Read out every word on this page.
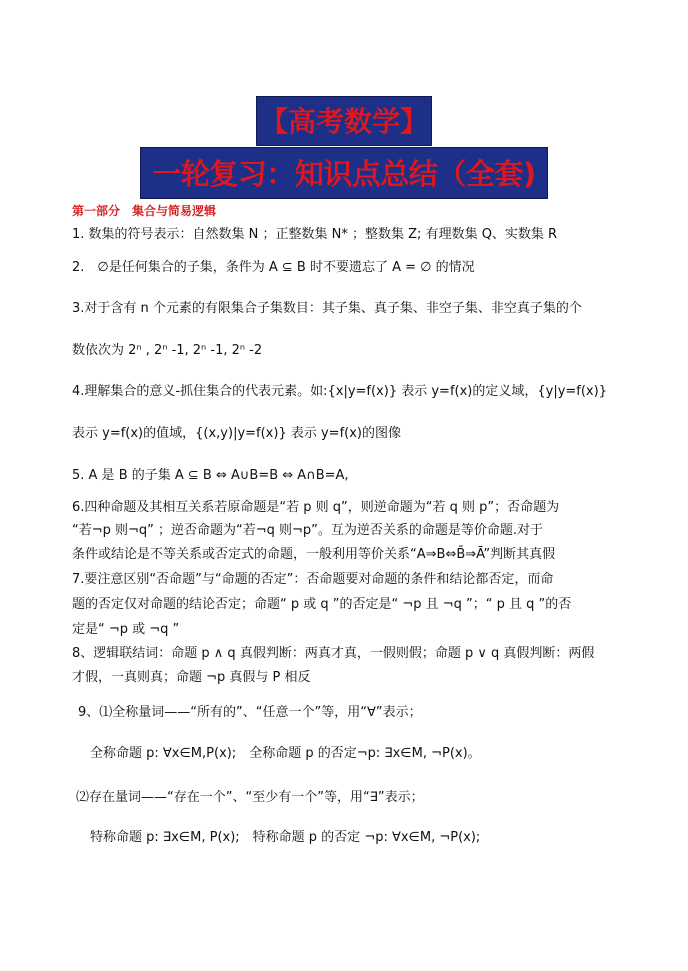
【高考数学】
一轮复习：知识点总结（全套)
第一部分　集合与简易逻辑
1. 数集的符号表示：自然数集 N ；正整数集 N* ；整数集 Z; 有理数集 Q、实数集 R
2.　∅是任何集合的子集，条件为 A ⊆ B 时不要遗忘了 A = ∅ 的情况
3.对于含有 n 个元素的有限集合子集数目：其子集、真子集、非空子集、非空真子集的个
数依次为 2ⁿ , 2ⁿ -1, 2ⁿ -1, 2ⁿ -2
4.理解集合的意义-抓住集合的代表元素。如:{x|y=f(x)} 表示 y=f(x)的定义域，{y|y=f(x)}
表示 y=f(x)的值域，{(x,y)|y=f(x)} 表示 y=f(x)的图像
5. A 是 B 的子集 A ⊆ B ⇔ A∪B=B ⇔ A∩B=A,
6.四种命题及其相互关系若原命题是“若 p 则 q”，则逆命题为“若 q 则 p”；否命题为
“若¬p 则¬q” ；逆否命题为“若¬q 则¬p”。互为逆否关系的命题是等价命题.对于
条件或结论是不等关系或否定式的命题，一般利用等价关系“A⇒B⇔B̄⇒Ā”判断其真假
7.要注意区别“否命题”与“命题的否定”：否命题要对命题的条件和结论都否定，而命
题的否定仅对命题的结论否定；命题“ p 或 q ”的否定是“ ¬p 且 ¬q ”；“ p 且 q ”的否
定是“ ¬p 或 ¬q ”
8、逻辑联结词：命题 p ∧ q 真假判断：两真才真，一假则假；命题 p ∨ q 真假判断：两假
才假，一真则真；命题 ¬p 真假与 P 相反
9、⑴全称量词——“所有的”、“任意一个”等，用“∀”表示；
全称命题 p: ∀x∈M,P(x);　全称命题 p 的否定¬p: ∃x∈M, ¬P(x)。
⑵存在量词——“存在一个”、“至少有一个”等，用“∃”表示；
特称命题 p: ∃x∈M, P(x);　特称命题 p 的否定 ¬p: ∀x∈M, ¬P(x);
